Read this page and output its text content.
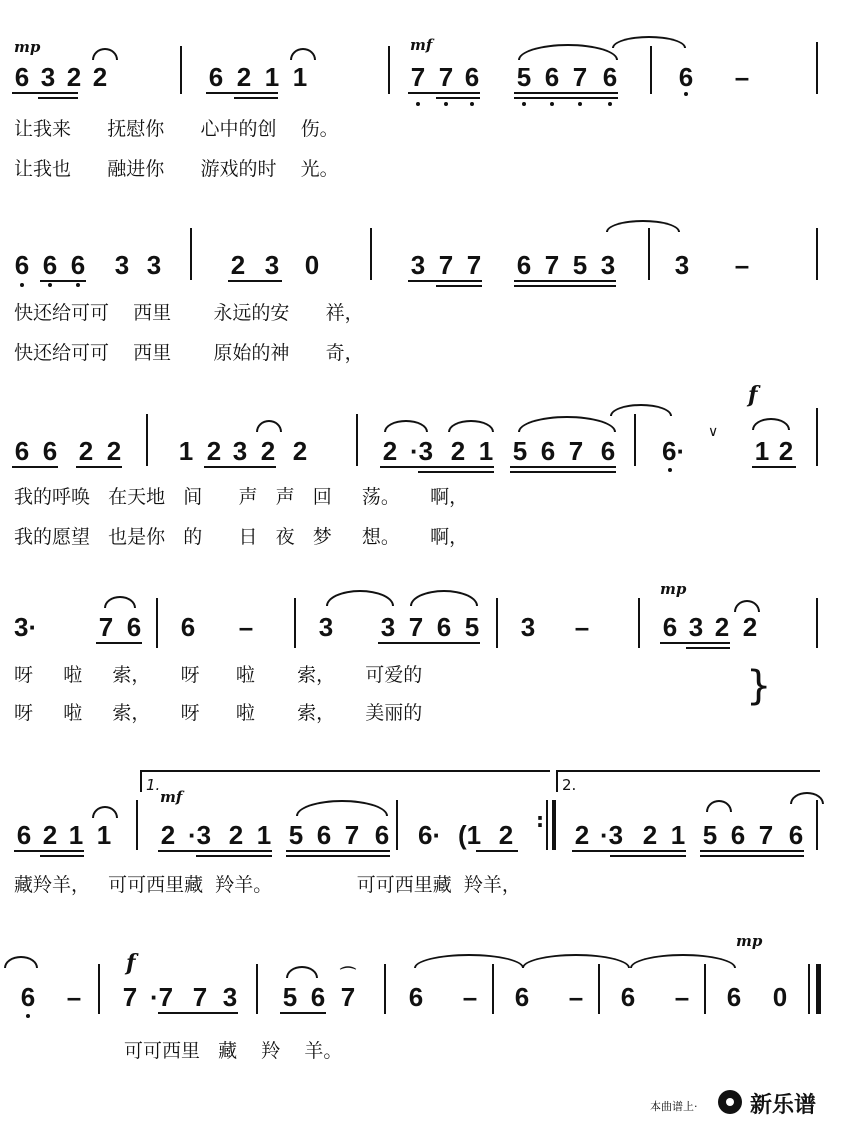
mp	mf
6 3 2 2	6 2 1 1	7 7 6 5 6 7 6 6 –
让我来      抚慰你      心中的创    伤。
让我也      融进你      游戏的时    光。
6 6 6 3 3	2 3 0	3 7 7 6 7 5 3 3 –
快还给可可    西里       永远的安      祥，
快还给可可    西里       原始的神      奇，
f
6 6 2 2 1 2 3 2 2	2 ·3 2 1 5 6 7 6 6·
∨
1 2
我的呼唤   在天地   间      声   声   回     荡。     啊，
我的愿望   也是你   的      日   夜   梦     想。     啊，
mp
3· 7 6 6 –	3 3 7 6 5 3 –	6 3 2 2
呀     啦     索，     呀      啦       索，     可爱的
呀     啦     索，     呀      啦       索，     美丽的
}
1.	2.
mf
:
6 2 1 1 2 ·3 2 1 5 6 7 6 6· (1 2 2 ·3 2 1 5 6 7 6
藏羚羊，   可可西里藏  羚羊。              可可西里藏  羚羊，
f
mp
6 – 7 ·7 7 3 5 6 7
⌒
6 – 6 – 6 – 6 0
可可西里   藏    羚    羊。
本曲谱上· 新乐谱
